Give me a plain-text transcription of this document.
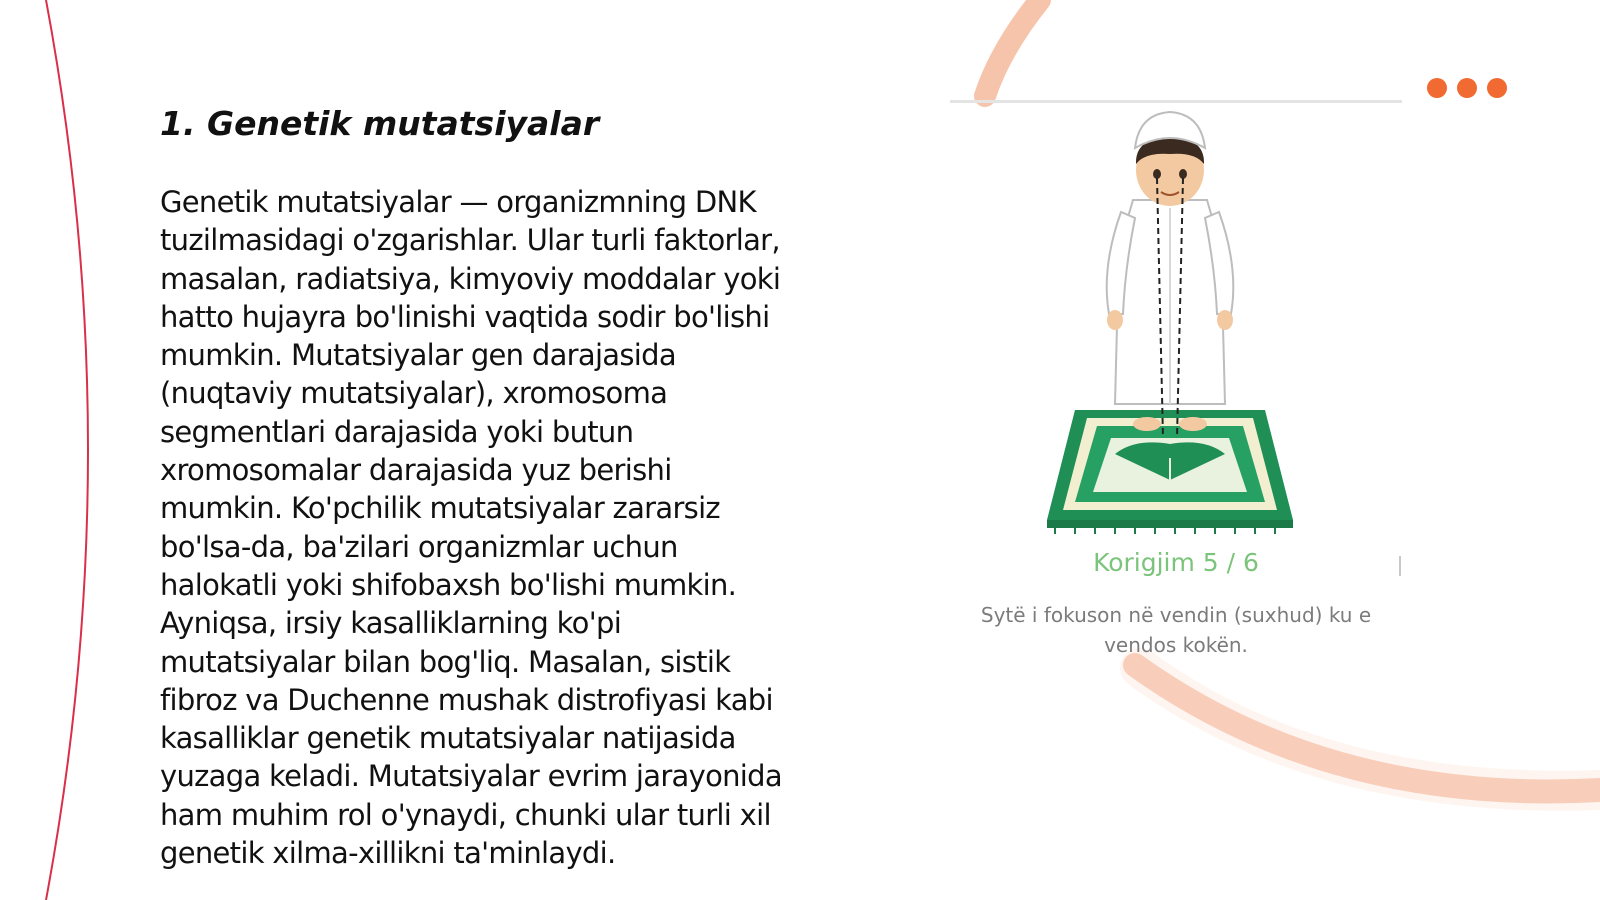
1. Genetik mutatsiyalar
Genetik mutatsiyalar — organizmning DNK
tuzilmasidagi o'zgarishlar. Ular turli faktorlar,
masalan, radiatsiya, kimyoviy moddalar yoki
hatto hujayra bo'linishi vaqtida sodir bo'lishi
mumkin. Mutatsiyalar gen darajasida
(nuqtaviy mutatsiyalar), xromosoma
segmentlari darajasida yoki butun
xromosomalar darajasida yuz berishi
mumkin. Ko'pchilik mutatsiyalar zararsiz
bo'lsa-da, ba'zilari organizmlar uchun
halokatli yoki shifobaxsh bo'lishi mumkin.
Ayniqsa, irsiy kasalliklarning ko'pi
mutatsiyalar bilan bog'liq. Masalan, sistik
fibroz va Duchenne mushak distrofiyasi kabi
kasalliklar genetik mutatsiyalar natijasida
yuzaga keladi. Mutatsiyalar evrim jarayonida
ham muhim rol o'ynaydi, chunki ular turli xil
genetik xilma-xillikni ta'minlaydi.
Korigjim 5 / 6

Sytë i fokuson në vendin (suxhud) ku e
vendos kokën.
